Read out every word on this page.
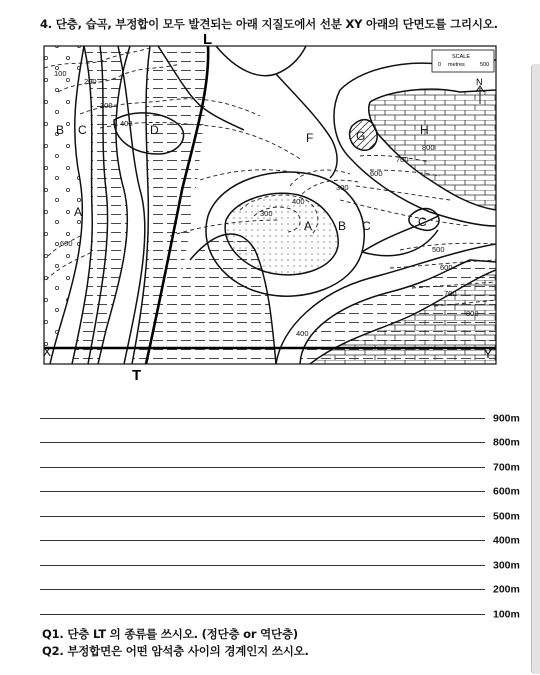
4. 단층, 습곡, 부정합이 모두 발견되는 아래 지질도에서 선분 XY 아래의 단면도를 그리시오.
L
T
X	Y
SCALE
0 metres	500
N
B C	D
A
F	G	H
A B C	C
100
200
300
400
600
300
400
300
800
700
600
500
600
700
800
400
900m
800m
700m
600m
500m
400m
300m
200m
100m
Q1. 단층 LT 의 종류를 쓰시오. (정단층 or 역단층)
Q2. 부정합면은 어떤 암석층 사이의 경계인지 쓰시오.
